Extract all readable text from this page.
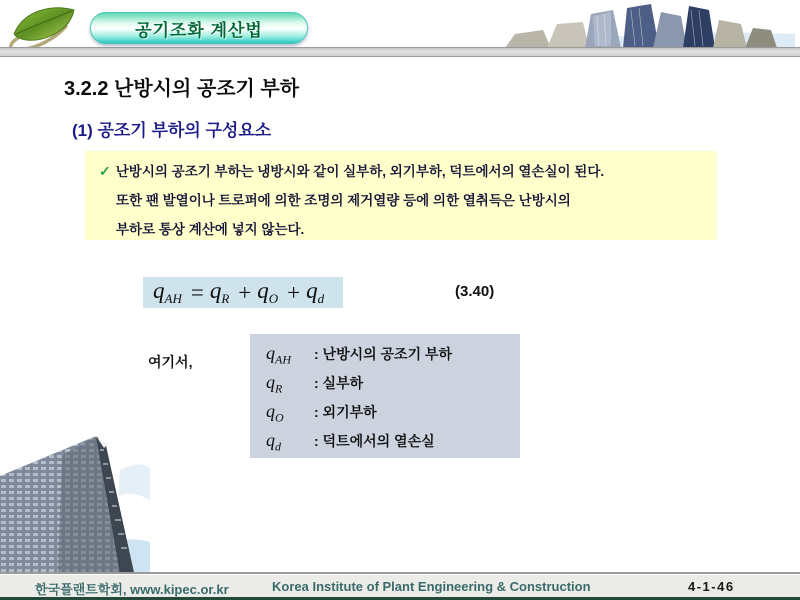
공기조화 계산법
3.2.2 난방시의 공조기 부하
(1) 공조기 부하의 구성요소
✓ 난방시의 공조기 부하는 냉방시와 같이 실부하, 외기부하, 덕트에서의 열손실이 된다.
또한 팬 발열이나 트로퍼에 의한 조명의 제거열량 등에 의한 열취득은 난방시의
부하로 통상 계산에 넣지 않는다.
$q_{AH} = q_R + q_O + q_d$	(3.40)
여기서,	$q_{AH}$	: 난방시의 공조기 부하
$q_R$	: 실부하
$q_O$	: 외기부하
$q_d$	: 덕트에서의 열손실
한국플랜트학회, www.kipec.or.kr	Korea Institute of Plant Engineering & Construction	4-1-46
